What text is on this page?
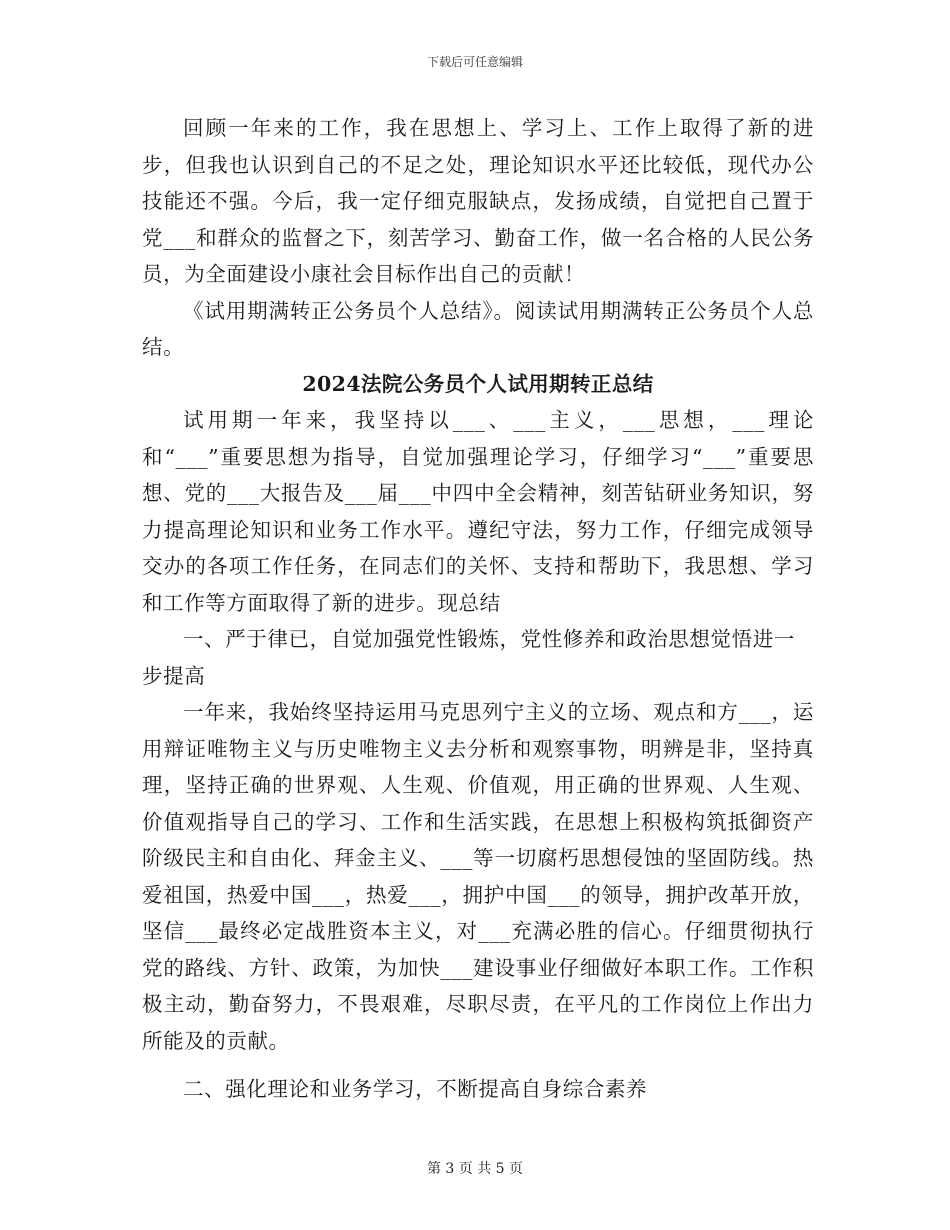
下载后可任意编辑

回顾一年来的工作，我在思想上、学习上、工作上取得了新的进步，但我也认识到自己的不足之处，理论知识水平还比较低，现代办公技能还不强。今后，我一定仔细克服缺点，发扬成绩，自觉把自己置于党___和群众的监督之下，刻苦学习、勤奋工作，做一名合格的人民公务员，为全面建设小康社会目标作出自己的贡献！

《试用期满转正公务员个人总结》。阅读试用期满转正公务员个人总结。

2024法院公务员个人试用期转正总结

试用期一年来，我坚持以___、___主义，___思想，___理论和“___”重要思想为指导，自觉加强理论学习，仔细学习“___”重要思想、党的___大报告及___届___中四中全会精神，刻苦钻研业务知识，努力提高理论知识和业务工作水平。遵纪守法，努力工作，仔细完成领导交办的各项工作任务，在同志们的关怀、支持和帮助下，我思想、学习和工作等方面取得了新的进步。现总结

一、严于律已，自觉加强党性锻炼，党性修养和政治思想觉悟进一步提高

一年来，我始终坚持运用马克思列宁主义的立场、观点和方___，运用辩证唯物主义与历史唯物主义去分析和观察事物，明辨是非，坚持真理，坚持正确的世界观、人生观、价值观，用正确的世界观、人生观、价值观指导自己的学习、工作和生活实践，在思想上积极构筑抵御资产阶级民主和自由化、拜金主义、___等一切腐朽思想侵蚀的坚固防线。热爱祖国，热爱中国___，热爱___，拥护中国___的领导，拥护改革开放，坚信___最终必定战胜资本主义，对___充满必胜的信心。仔细贯彻执行党的路线、方针、政策，为加快___建设事业仔细做好本职工作。工作积极主动，勤奋努力，不畏艰难，尽职尽责，在平凡的工作岗位上作出力所能及的贡献。

二、强化理论和业务学习，不断提高自身综合素养

第 3 页 共 5 页
